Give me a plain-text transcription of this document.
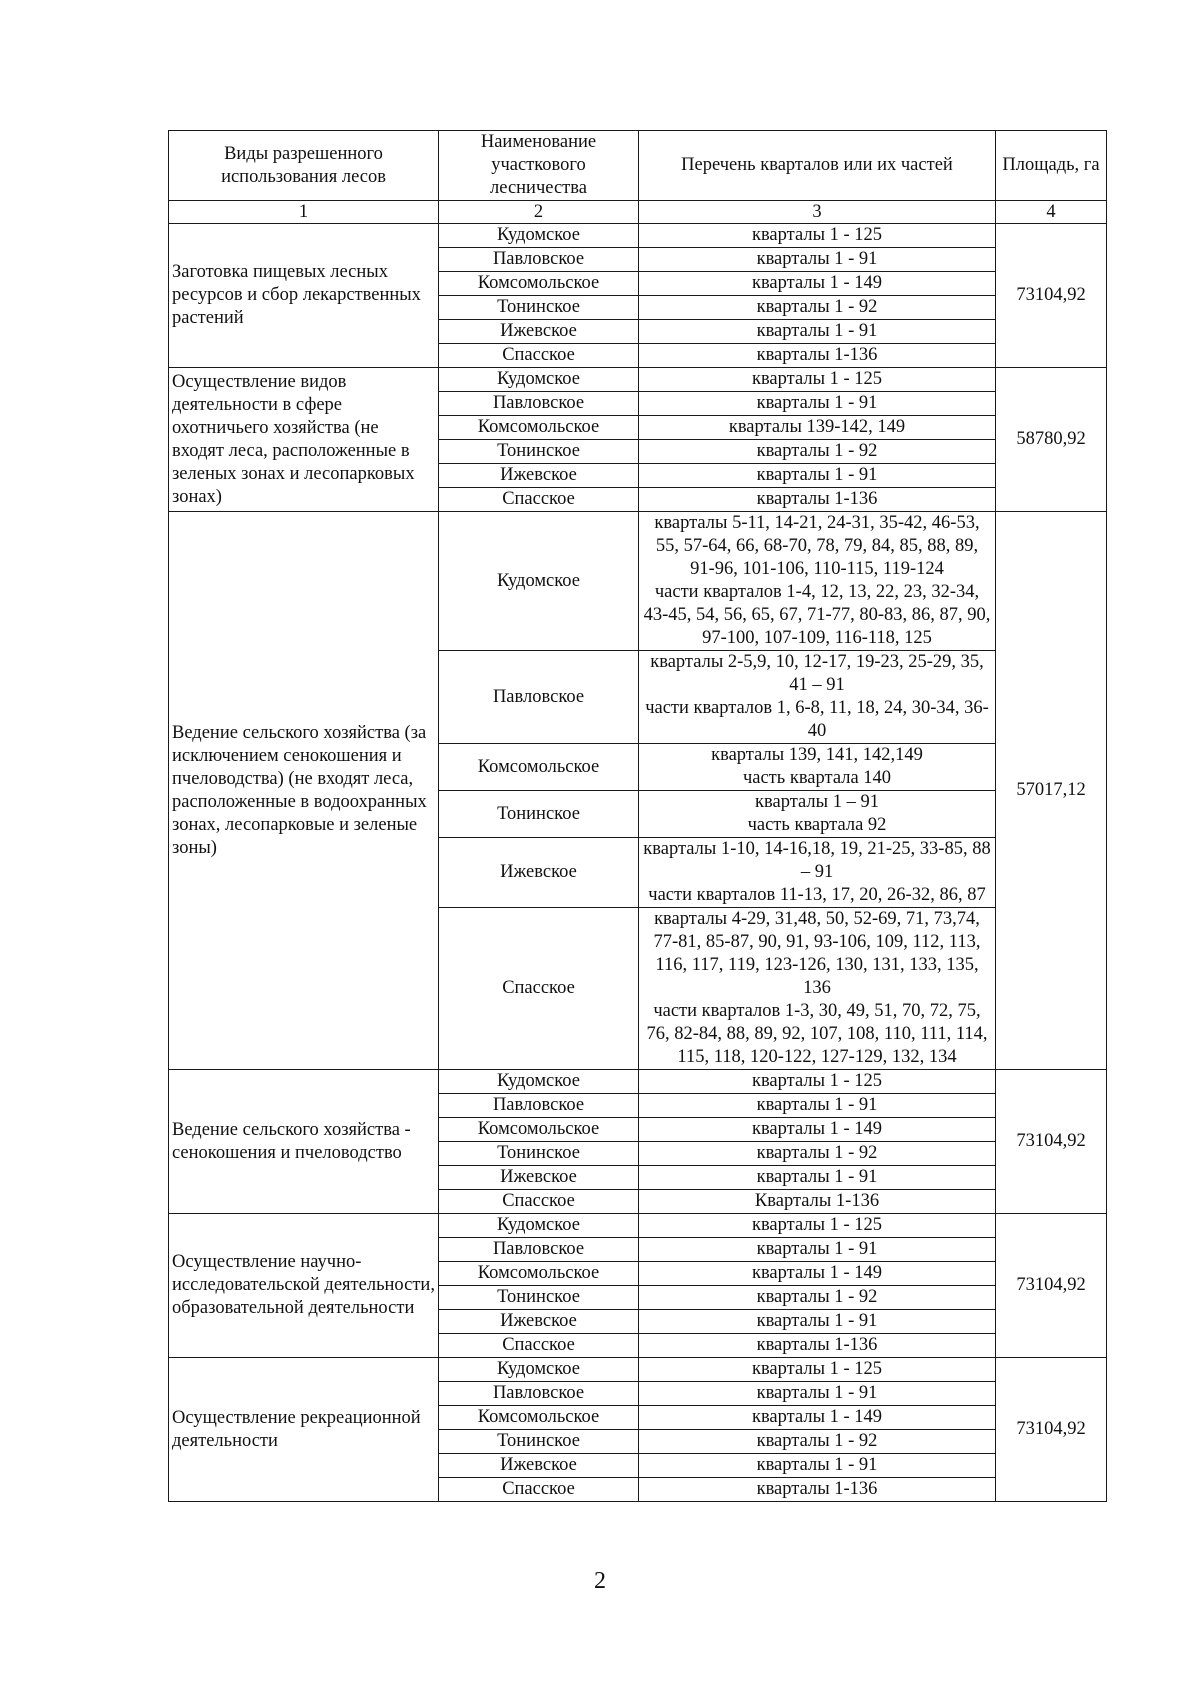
Виды разрешенного использования лесов	Наименование участкового лесничества	Перечень кварталов или их частей	Площадь, га
1	2	3	4
Заготовка пищевых лесных ресурсов и сбор лекарственных растений	Кудомское	кварталы 1 - 125	73104,92
	Павловское	кварталы 1 - 91	

	Комсомольское	кварталы 1 - 149	

	Тонинское	кварталы 1 - 92	

	Ижевское	кварталы 1 - 91	

	Спасское	кварталы 1-136	

Осуществление видов деятельности в сфере охотничьего хозяйства (не входят леса, расположенные в зеленых зонах и лесопарковых зонах)	Кудомское	кварталы 1 - 125	58780,92
	Павловское	кварталы 1 - 91	

	Комсомольское	кварталы 139-142, 149	

	Тонинское	кварталы 1 - 92	

	Ижевское	кварталы 1 - 91	

	Спасское	кварталы 1-136	

Ведение сельского хозяйства (за исключением сенокошения и пчеловодства) (не входят леса, расположенные в водоохранных зонах, лесопарковые и зеленые зоны)	Кудомское	кварталы 5-11, 14-21, 24-31, 35-42, 46-53, 55, 57-64, 66, 68-70, 78, 79, 84, 85, 88, 89, 91-96, 101-106, 110-115, 119-124
части кварталов 1-4, 12, 13, 22, 23, 32-34, 43-45, 54, 56, 65, 67, 71-77, 80-83, 86, 87, 90, 97-100, 107-109, 116-118, 125	57017,12
	Павловское	кварталы 2-5,9, 10, 12-17, 19-23, 25-29, 35, 41 – 91
части кварталов 1, 6-8, 11, 18, 24, 30-34, 36-40	

	Комсомольское	кварталы 139, 141, 142,149
часть квартала 140	

	Тонинское	кварталы 1 – 91
часть квартала 92	

	Ижевское	кварталы 1-10, 14-16,18, 19, 21-25, 33-85, 88 – 91
части кварталов 11-13, 17, 20, 26-32, 86, 87	

	Спасское	кварталы 4-29, 31,48, 50, 52-69, 71, 73,74, 77-81, 85-87, 90, 91, 93-106, 109, 112, 113, 116, 117, 119, 123-126, 130, 131, 133, 135, 136
части кварталов 1-3, 30, 49, 51, 70, 72, 75, 76, 82-84, 88, 89, 92, 107, 108, 110, 111, 114, 115, 118, 120-122, 127-129, 132, 134	

Ведение сельского хозяйства - сенокошения и пчеловодство	Кудомское	кварталы 1 - 125	73104,92
	Павловское	кварталы 1 - 91	

	Комсомольское	кварталы 1 - 149	

	Тонинское	кварталы 1 - 92	

	Ижевское	кварталы 1 - 91	

	Спасское	Кварталы 1-136	

Осуществление научно-исследовательской деятельности, образовательной деятельности	Кудомское	кварталы 1 - 125	73104,92
	Павловское	кварталы 1 - 91	

	Комсомольское	кварталы 1 - 149	

	Тонинское	кварталы 1 - 92	

	Ижевское	кварталы 1 - 91	

	Спасское	кварталы 1-136	

Осуществление рекреационной деятельности	Кудомское	кварталы 1 - 125	73104,92
	Павловское	кварталы 1 - 91	

	Комсомольское	кварталы 1 - 149	

	Тонинское	кварталы 1 - 92	

	Ижевское	кварталы 1 - 91	

	Спасское	кварталы 1-136	
2
